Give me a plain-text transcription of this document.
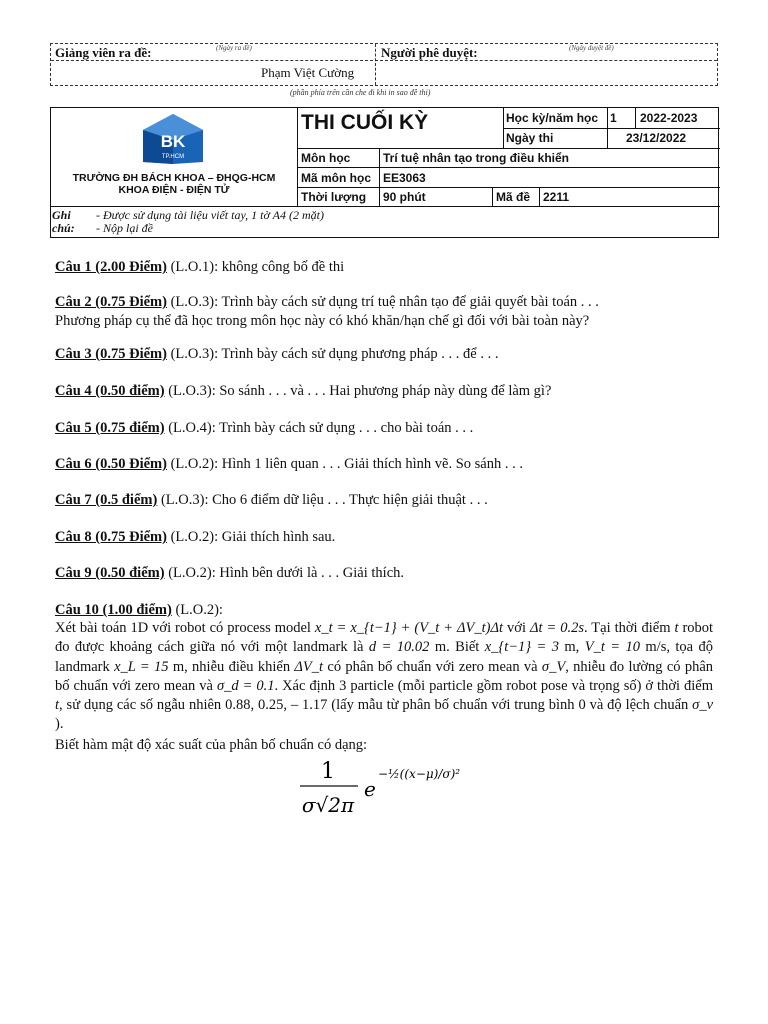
Giảng viên ra đề:	(Ngày ra đề)	Người phê duyệt:	(Ngày duyệt đề)
Phạm Việt Cường
(phần phía trên cần che đi khi in sao đề thi)
BK
TP.HCM
TRƯỜNG ĐH BÁCH KHOA – ĐHQG-HCM
KHOA ĐIỆN - ĐIỆN TỬ
THI CUỐI KỲ	Học kỳ/năm học 1 2022-2023
Ngày thi	23/12/2022
Môn học	Trí tuệ nhân tạo trong điều khiển
Mã môn học EE3063
Thời lượng 90 phút	Mã đề 2211
Ghi
chú:
- Được sử dụng tài liệu viết tay, 1 tờ A4 (2 mặt)
- Nộp lại đề
Câu 1 (2.00 Điểm) (L.O.1): không công bố đề thi
Câu 2 (0.75 Điểm) (L.O.3): Trình bày cách sử dụng trí tuệ nhân tạo để giải quyết bài toán . . .
Phương pháp cụ thể đã học trong môn học này có khó khăn/hạn chế gì đối với bài toàn này?
Câu 3 (0.75 Điểm) (L.O.3): Trình bày cách sử dụng phương pháp . . . để . . .
Câu 4 (0.50 điểm) (L.O.3): So sánh . . . và . . . Hai phương pháp này dùng để làm gì?
Câu 5 (0.75 điểm) (L.O.4): Trình bày cách sử dụng . . . cho bài toán . . .
Câu 6 (0.50 Điểm) (L.O.2): Hình 1 liên quan . . . Giải thích hình vẽ. So sánh . . .
Câu 7 (0.5 điểm) (L.O.3): Cho 6 điểm dữ liệu . . . Thực hiện giải thuật . . .
Câu 8 (0.75 Điểm) (L.O.2): Giải thích hình sau.
Câu 9 (0.50 điểm) (L.O.2): Hình bên dưới là . . . Giải thích.
Câu 10 (1.00 điểm) (L.O.2):
Xét bài toán 1D với robot có process model x_t = x_{t−1} + (V_t + ΔV_t)Δt với Δt = 0.2s. Tại thời điểm t robot đo được khoảng cách giữa nó với một landmark là d = 10.02 m. Biết x_{t−1} = 3 m, V_t = 10 m/s, tọa độ landmark x_L = 15 m, nhiễu điều khiển ΔV_t có phân bố chuẩn với zero mean và σ_V, nhiễu đo lường có phân bố chuẩn với zero mean và σ_d = 0.1. Xác định 3 particle (mỗi particle gồm robot pose và trọng số) ở thời điểm t, sử dụng các số ngẫu nhiên 0.88, 0.25, – 1.17 (lấy mẫu từ phân bố chuẩn với trung bình 0 và độ lệch chuẩn σ_v ).
Biết hàm mật độ xác suất của phân bố chuẩn có dạng:
1
σ√2π
e
−½((x−μ)/σ)²
